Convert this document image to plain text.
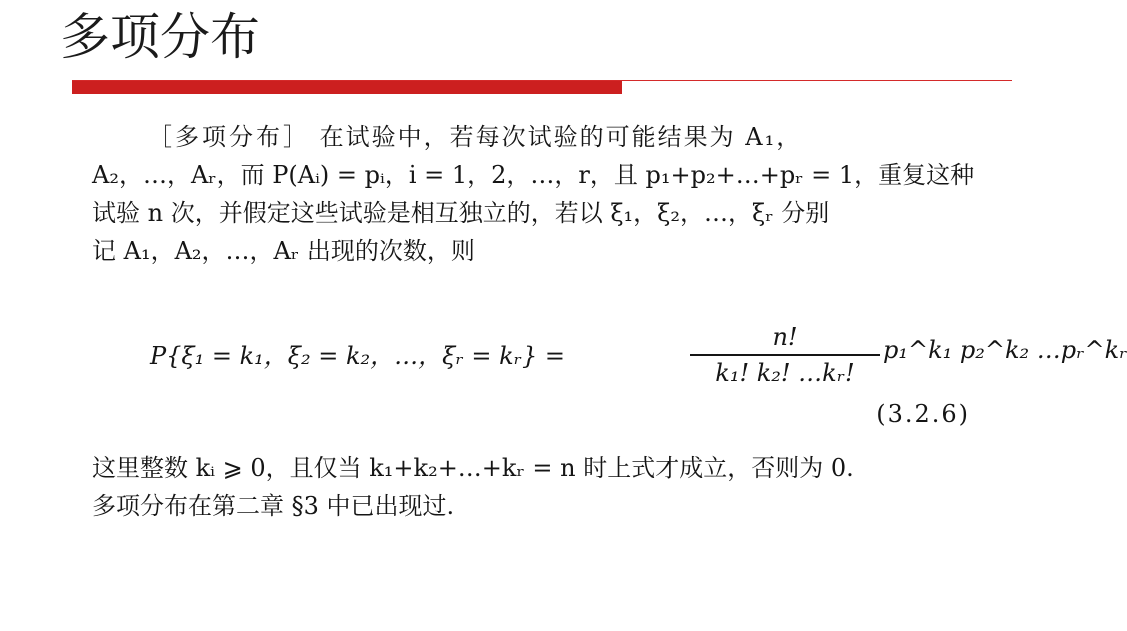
多项分布
［多项分布］ 在试验中，若每次试验的可能结果为 A₁，
A₂，…，Aᵣ，而 P(Aᵢ) = pᵢ，i = 1，2，…，r，且 p₁+p₂+…+pᵣ = 1，重复这种
试验 n 次，并假定这些试验是相互独立的，若以 ξ₁，ξ₂，…，ξᵣ 分别
记 A₁，A₂，…，Aᵣ 出现的次数，则
P{ξ₁ = k₁，ξ₂ = k₂，…，ξᵣ = kᵣ} =
n!
k₁! k₂! …kᵣ!
p₁^k₁ p₂^k₂ …pᵣ^kᵣ
(3.2.6)
这里整数 kᵢ ⩾ 0，且仅当 k₁+k₂+…+kᵣ = n 时上式才成立，否则为 0.
多项分布在第二章 §3 中已出现过.
